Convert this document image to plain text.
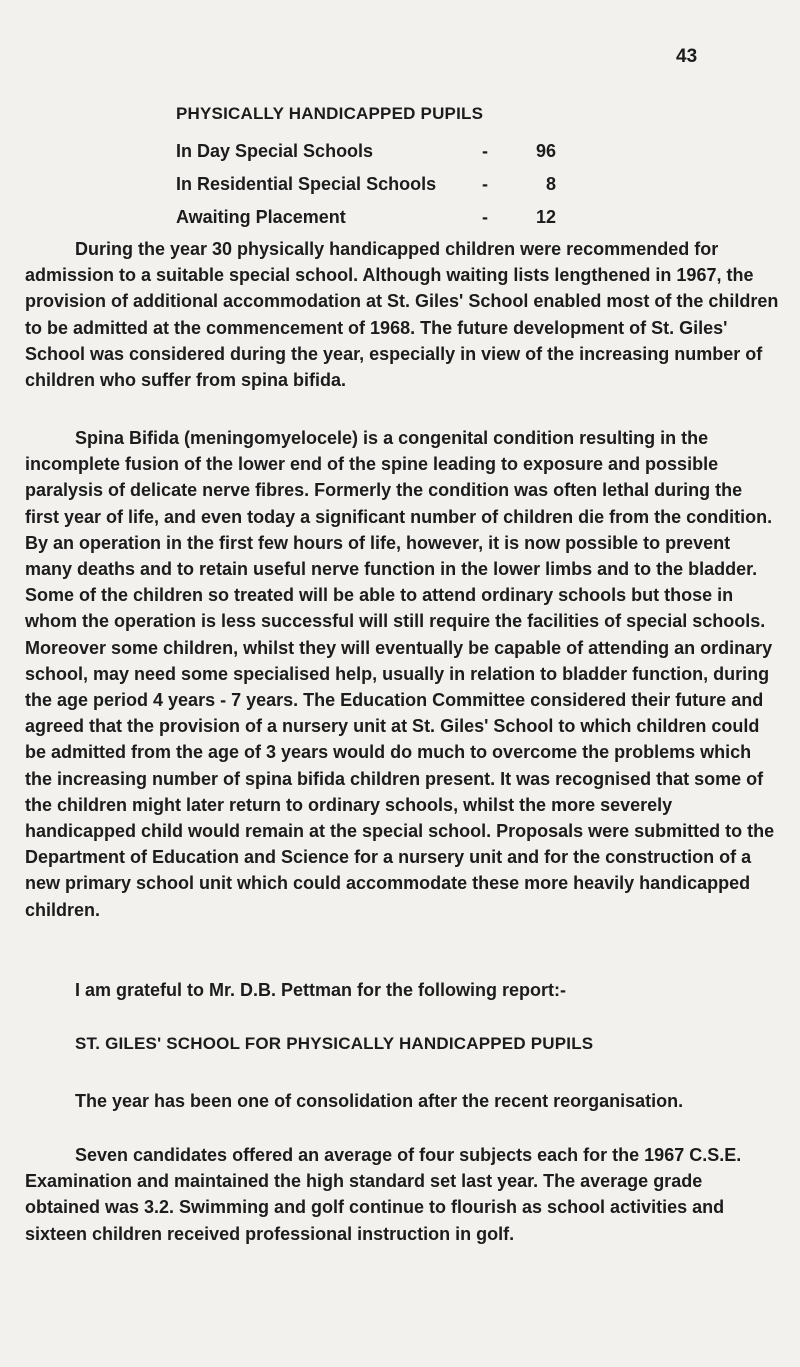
43
PHYSICALLY HANDICAPPED PUPILS
In Day Special Schools	-	96
In Residential Special Schools	-	8
Awaiting Placement	-	12

During the year 30 physically handicapped children were recommended for admission to a suitable special school. Although waiting lists lengthened in 1967, the provision of additional accommodation at St. Giles' School enabled most of the children to be admitted at the commencement of 1968. The future development of St. Giles' School was considered during the year, especially in view of the increasing number of children who suffer from spina bifida.

Spina Bifida (meningomyelocele) is a congenital condition resulting in the incomplete fusion of the lower end of the spine leading to exposure and possible paralysis of delicate nerve fibres. Formerly the condition was often lethal during the first year of life, and even today a significant number of children die from the condition. By an operation in the first few hours of life, however, it is now possible to prevent many deaths and to retain useful nerve function in the lower limbs and to the bladder. Some of the children so treated will be able to attend ordinary schools but those in whom the operation is less successful will still require the facilities of special schools. Moreover some children, whilst they will eventually be capable of attending an ordinary school, may need some specialised help, usually in relation to bladder function, during the age period 4 years - 7 years. The Education Committee considered their future and agreed that the provision of a nursery unit at St. Giles' School to which children could be admitted from the age of 3 years would do much to overcome the problems which the increasing number of spina bifida children present. It was recognised that some of the children might later return to ordinary schools, whilst the more severely handicapped child would remain at the special school. Proposals were submitted to the Department of Education and Science for a nursery unit and for the construction of a new primary school unit which could accommodate these more heavily handicapped children.

I am grateful to Mr. D.B. Pettman for the following report:-

ST. GILES' SCHOOL FOR PHYSICALLY HANDICAPPED PUPILS

The year has been one of consolidation after the recent reorganisation.

Seven candidates offered an average of four subjects each for the 1967 C.S.E. Examination and maintained the high standard set last year. The average grade obtained was 3.2. Swimming and golf continue to flourish as school activities and sixteen children received professional instruction in golf.
